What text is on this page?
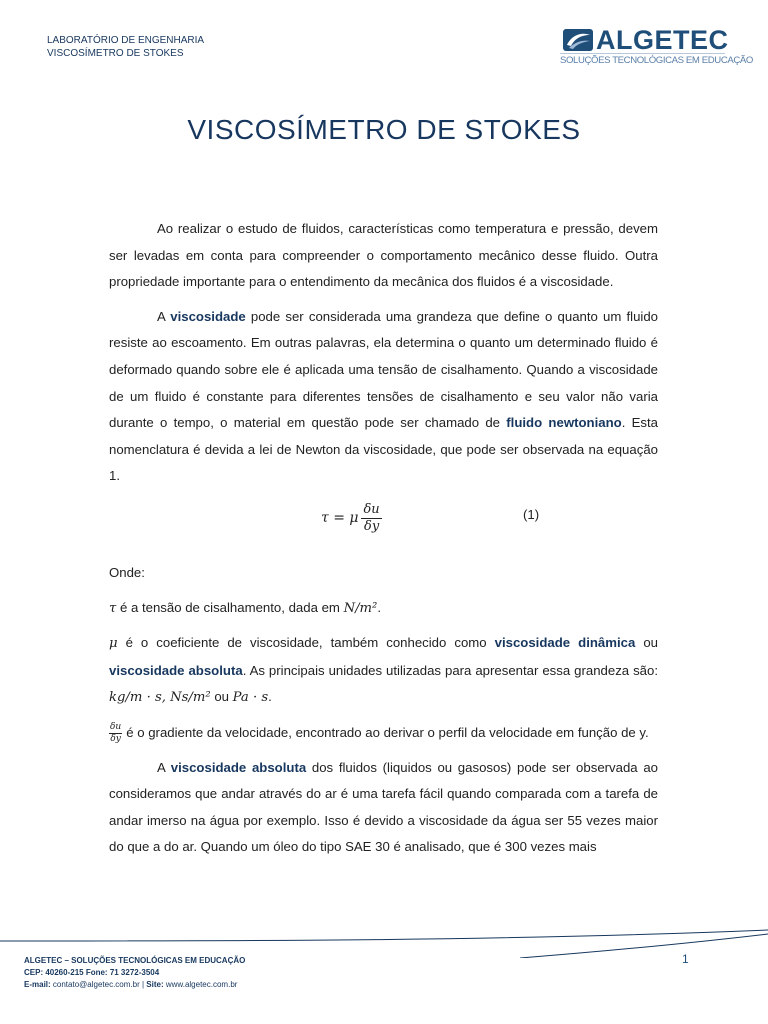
LABORATÓRIO DE ENGENHARIA
VISCOSÍMETRO DE STOKES	ALGETEC
SOLUÇÕES TECNOLÓGICAS EM EDUCAÇÃO
VISCOSÍMETRO DE STOKES

Ao realizar o estudo de fluidos, características como temperatura e pressão, devem ser levadas em conta para compreender o comportamento mecânico desse fluido. Outra propriedade importante para o entendimento da mecânica dos fluidos é a viscosidade.

A viscosidade pode ser considerada uma grandeza que define o quanto um fluido resiste ao escoamento. Em outras palavras, ela determina o quanto um determinado fluido é deformado quando sobre ele é aplicada uma tensão de cisalhamento. Quando a viscosidade de um fluido é constante para diferentes tensões de cisalhamento e seu valor não varia durante o tempo, o material em questão pode ser chamado de fluido newtoniano. Esta nomenclatura é devida a lei de Newton da viscosidade, que pode ser observada na equação 1.

τ = μ $\frac{\delta u}{\delta y}$	(1)

Onde:

τ é a tensão de cisalhamento, dada em N/m².

μ é o coeficiente de viscosidade, também conhecido como viscosidade dinâmica ou viscosidade absoluta. As principais unidades utilizadas para apresentar essa grandeza são: kg/m · s, Ns/m² ou Pa · s.

$\frac{\delta u}{\delta y}$ é o gradiente da velocidade, encontrado ao derivar o perfil da velocidade em função de y.

A viscosidade absoluta dos fluidos (liquidos ou gasosos) pode ser observada ao consideramos que andar através do ar é uma tarefa fácil quando comparada com a tarefa de andar imerso na água por exemplo. Isso é devido a viscosidade da água ser 55 vezes maior do que a do ar. Quando um óleo do tipo SAE 30 é analisado, que é 300 vezes mais

ALGETEC – SOLUÇÕES TECNOLÓGICAS EM EDUCAÇÃO
CEP: 40260-215 Fone: 71 3272-3504
E-mail: contato@algetec.com.br | Site: www.algetec.com.br
1
